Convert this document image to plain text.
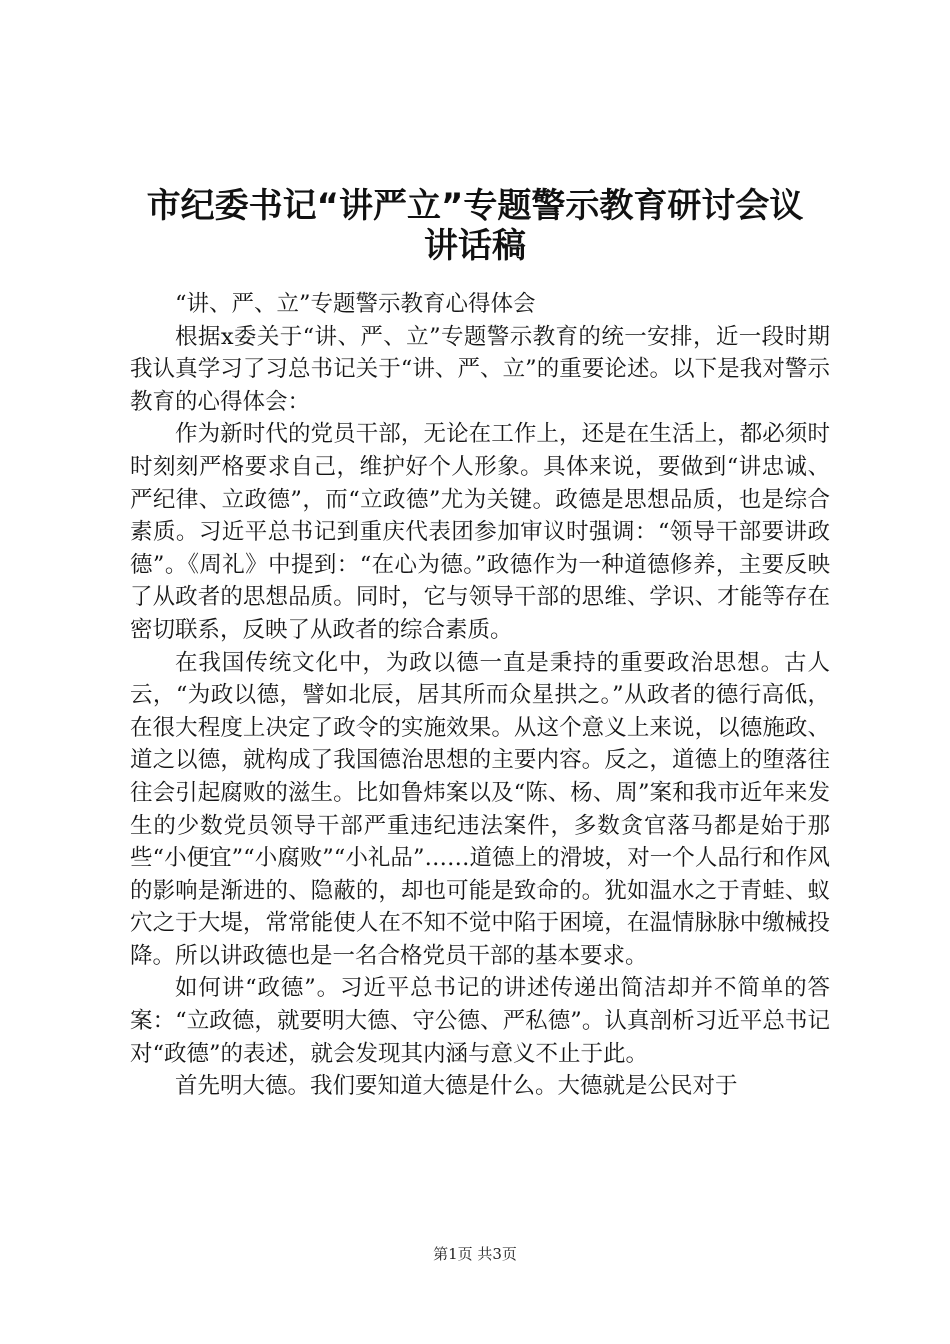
市纪委书记“讲严立”专题警示教育研讨会议
讲话稿

“讲、严、立”专题警示教育心得体会

根据x委关于“讲、严、立”专题警示教育的统一安排，近一段时期我认真学习了习总书记关于“讲、严、立”的重要论述。以下是我对警示教育的心得体会：

作为新时代的党员干部，无论在工作上，还是在生活上，都必须时时刻刻严格要求自己，维护好个人形象。具体来说，要做到“讲忠诚、严纪律、立政德”，而“立政德”尤为关键。政德是思想品质，也是综合素质。习近平总书记到重庆代表团参加审议时强调：“领导干部要讲政德”。《周礼》中提到：“在心为德。”政德作为一种道德修养，主要反映了从政者的思想品质。同时，它与领导干部的思维、学识、才能等存在密切联系，反映了从政者的综合素质。

在我国传统文化中，为政以德一直是秉持的重要政治思想。古人云，“为政以德，譬如北辰，居其所而众星拱之。”从政者的德行高低，在很大程度上决定了政令的实施效果。从这个意义上来说，以德施政、道之以德，就构成了我国德治思想的主要内容。反之，道德上的堕落往往会引起腐败的滋生。比如鲁炜案以及“陈、杨、周”案和我市近年来发生的少数党员领导干部严重违纪违法案件，多数贪官落马都是始于那些“小便宜”“小腐败”“小礼品”……道德上的滑坡，对一个人品行和作风的影响是渐进的、隐蔽的，却也可能是致命的。犹如温水之于青蛙、蚁穴之于大堤，常常能使人在不知不觉中陷于困境，在温情脉脉中缴械投降。所以讲政德也是一名合格党员干部的基本要求。

如何讲“政德”。习近平总书记的讲述传递出简洁却并不简单的答案：“立政德，就要明大德、守公德、严私德”。认真剖析习近平总书记对“政德”的表述，就会发现其内涵与意义不止于此。

首先明大德。我们要知道大德是什么。大德就是公民对于

第1页 共3页
